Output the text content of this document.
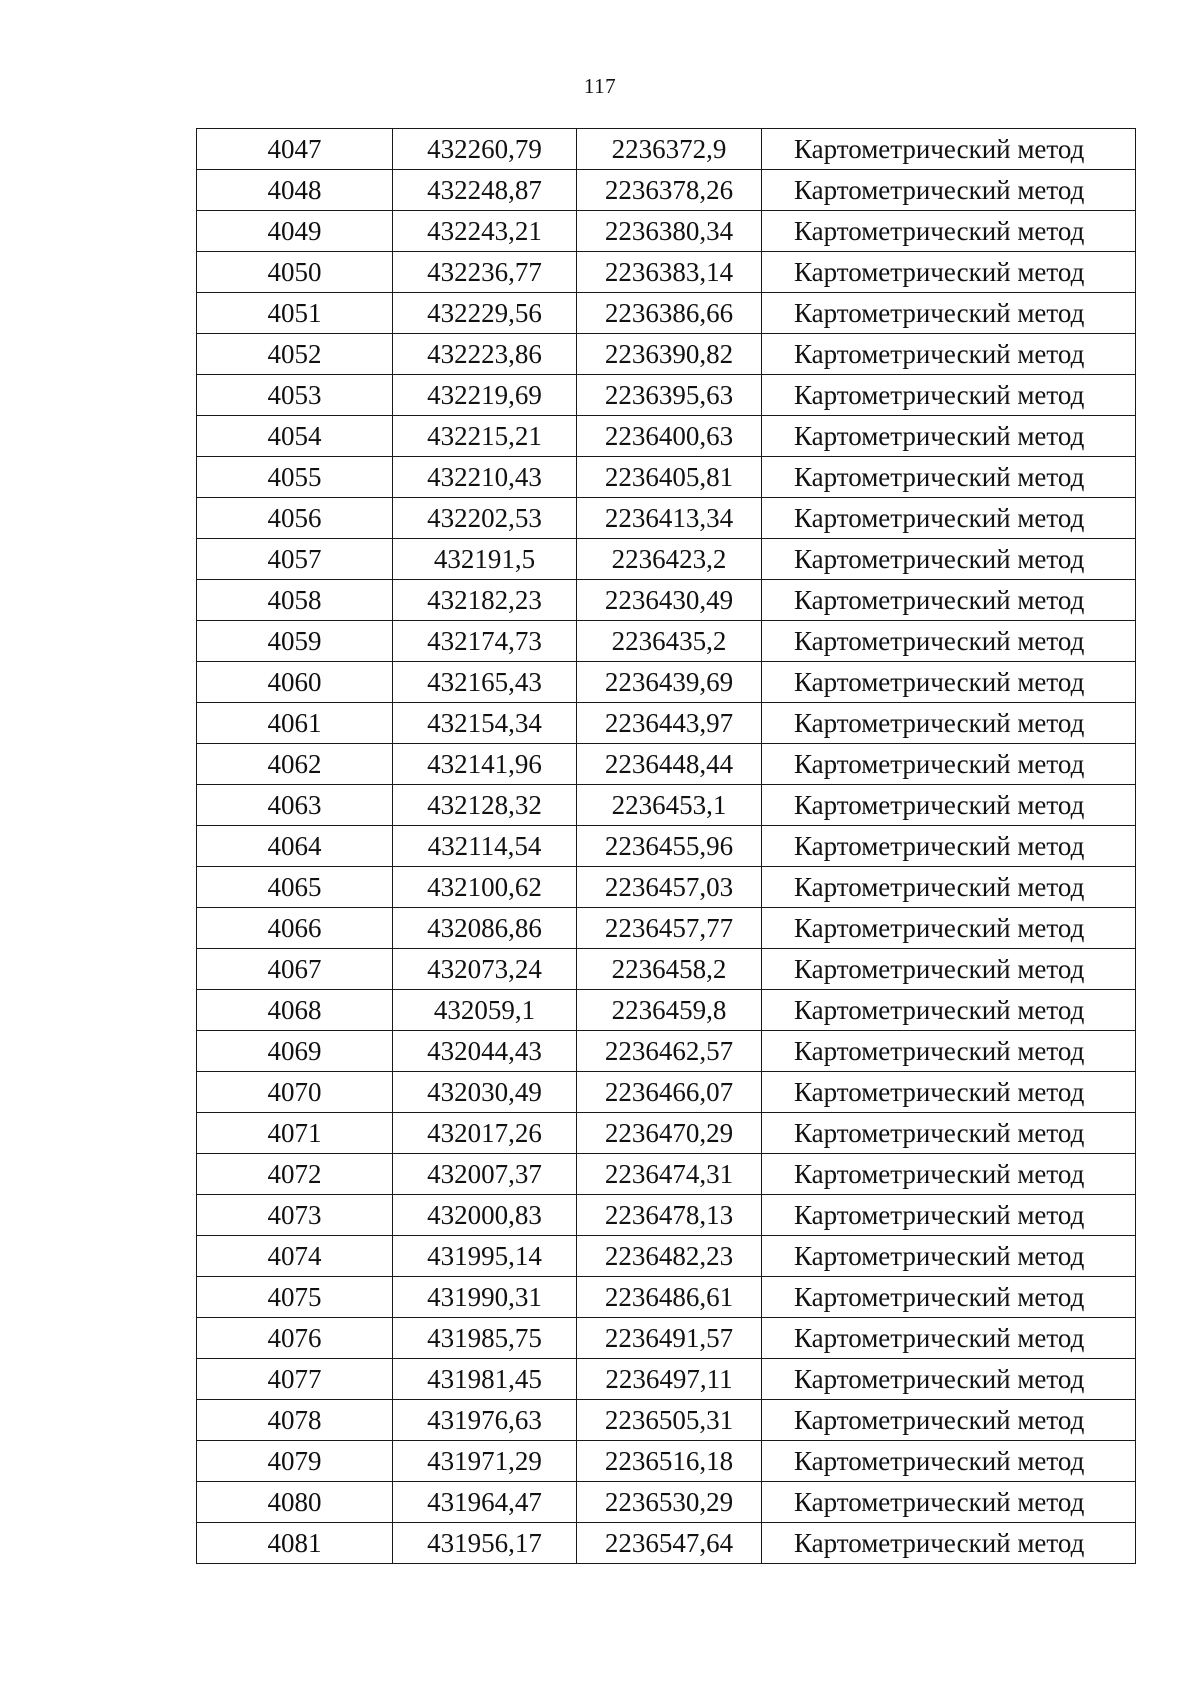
117
4047	432260,79	2236372,9	Картометрический метод
4048	432248,87	2236378,26	Картометрический метод
4049	432243,21	2236380,34	Картометрический метод
4050	432236,77	2236383,14	Картометрический метод
4051	432229,56	2236386,66	Картометрический метод
4052	432223,86	2236390,82	Картометрический метод
4053	432219,69	2236395,63	Картометрический метод
4054	432215,21	2236400,63	Картометрический метод
4055	432210,43	2236405,81	Картометрический метод
4056	432202,53	2236413,34	Картометрический метод
4057	432191,5	2236423,2	Картометрический метод
4058	432182,23	2236430,49	Картометрический метод
4059	432174,73	2236435,2	Картометрический метод
4060	432165,43	2236439,69	Картометрический метод
4061	432154,34	2236443,97	Картометрический метод
4062	432141,96	2236448,44	Картометрический метод
4063	432128,32	2236453,1	Картометрический метод
4064	432114,54	2236455,96	Картометрический метод
4065	432100,62	2236457,03	Картометрический метод
4066	432086,86	2236457,77	Картометрический метод
4067	432073,24	2236458,2	Картометрический метод
4068	432059,1	2236459,8	Картометрический метод
4069	432044,43	2236462,57	Картометрический метод
4070	432030,49	2236466,07	Картометрический метод
4071	432017,26	2236470,29	Картометрический метод
4072	432007,37	2236474,31	Картометрический метод
4073	432000,83	2236478,13	Картометрический метод
4074	431995,14	2236482,23	Картометрический метод
4075	431990,31	2236486,61	Картометрический метод
4076	431985,75	2236491,57	Картометрический метод
4077	431981,45	2236497,11	Картометрический метод
4078	431976,63	2236505,31	Картометрический метод
4079	431971,29	2236516,18	Картометрический метод
4080	431964,47	2236530,29	Картометрический метод
4081	431956,17	2236547,64	Картометрический метод
